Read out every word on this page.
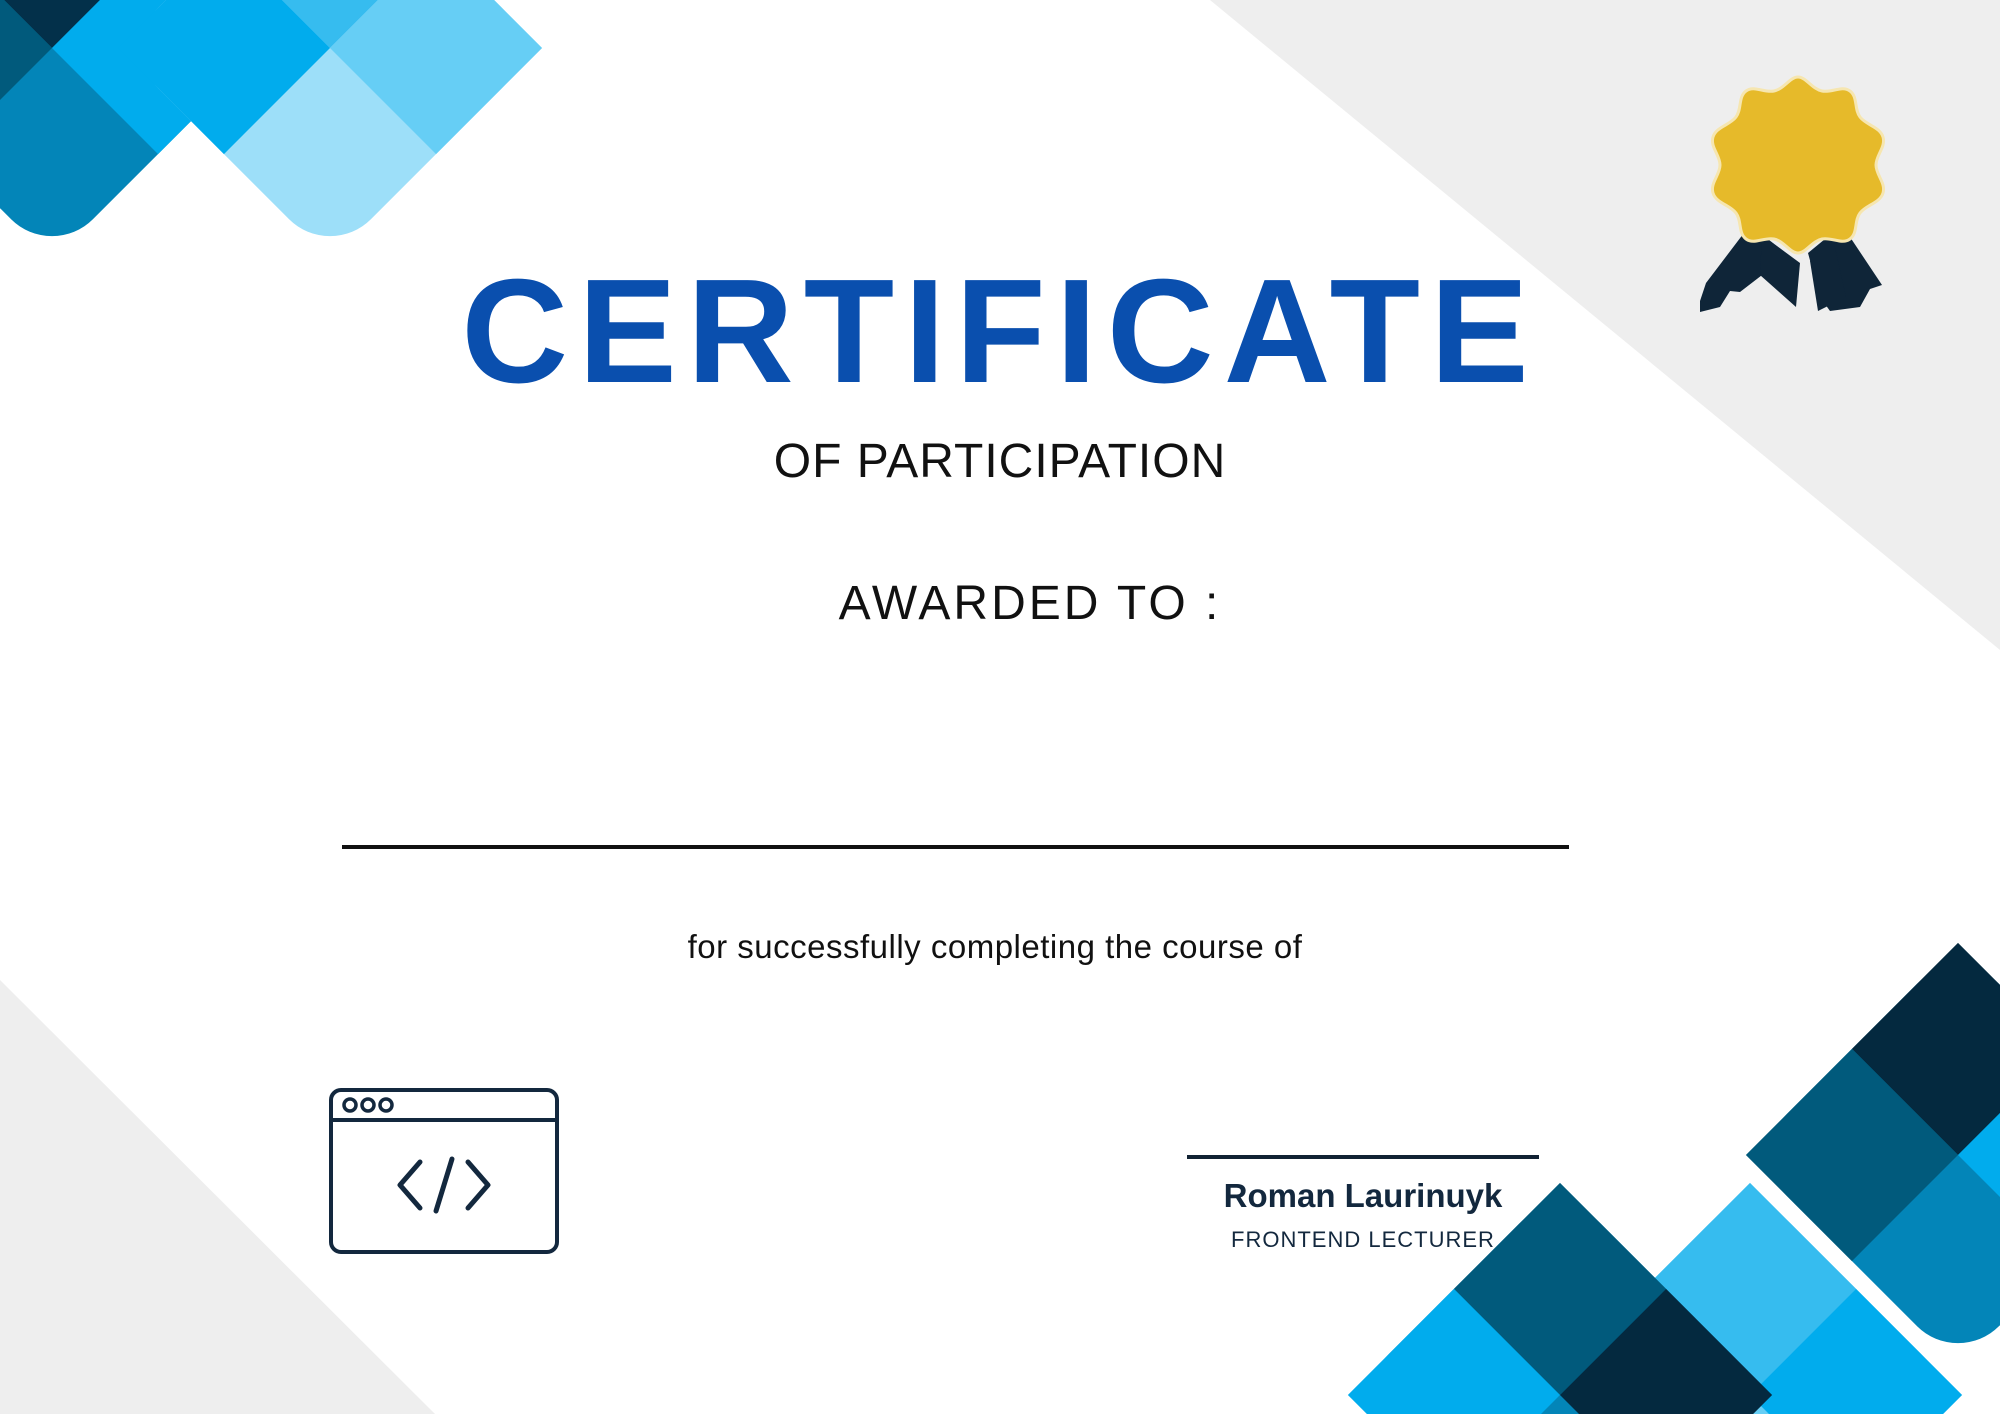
CERTIFICATE
OF PARTICIPATION
AWARDED TO :
for successfully completing the course of
Roman Laurinuyk
FRONTEND LECTURER
